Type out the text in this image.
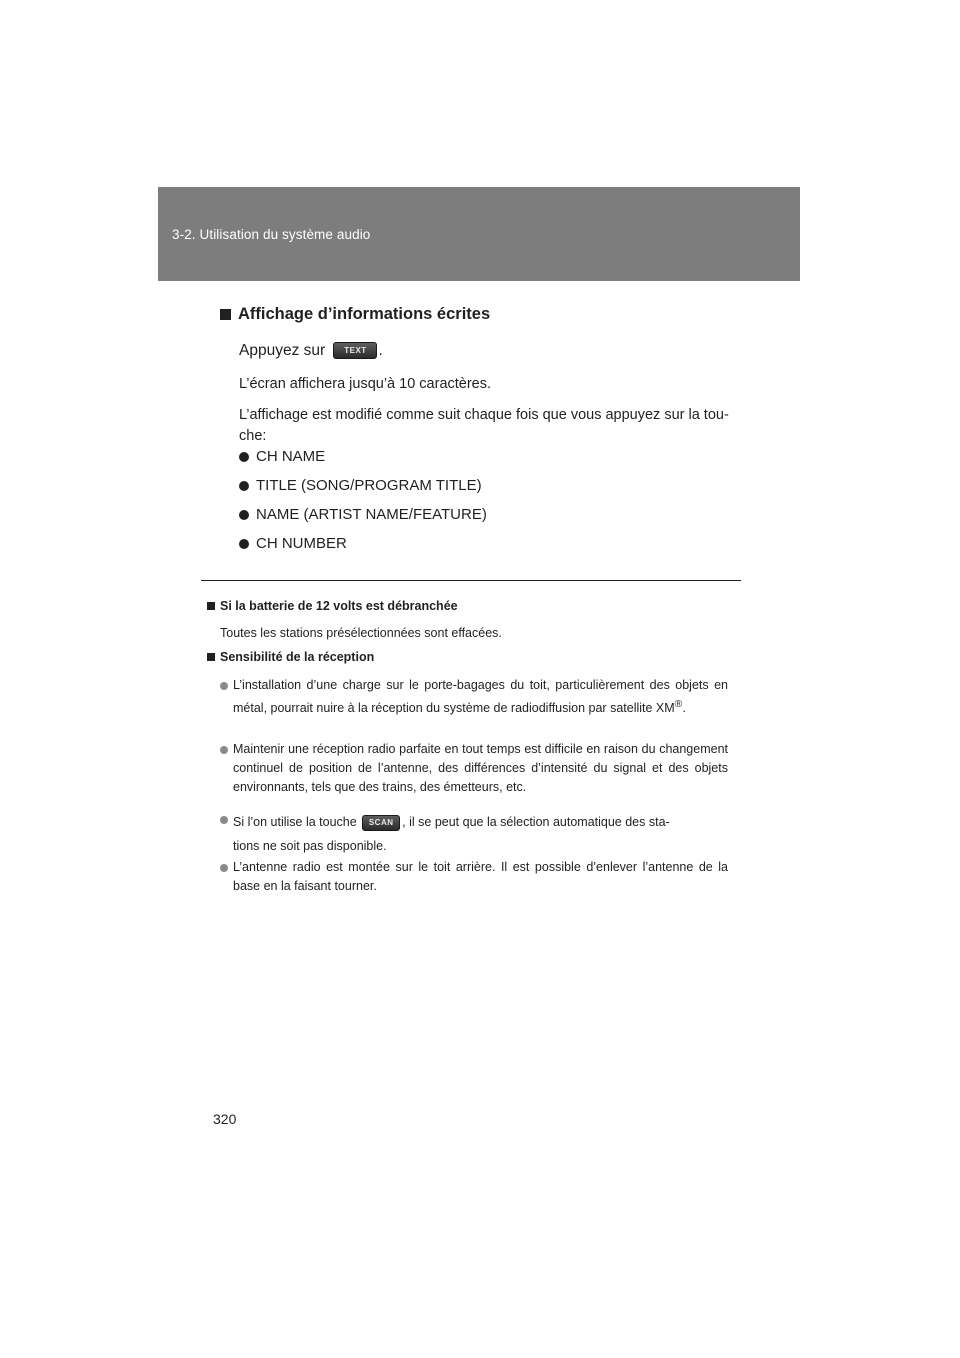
3-2. Utilisation du système audio
Affichage d’informations écrites
Appuyez sur TEXT .
L’écran affichera jusqu’à 10 caractères.
L’affichage est modifié comme suit chaque fois que vous appuyez sur la tou-
che:
CH NAME
TITLE (SONG/PROGRAM TITLE)
NAME (ARTIST NAME/FEATURE)
CH NUMBER
Si la batterie de 12 volts est débranchée
Toutes les stations présélectionnées sont effacées.
Sensibilité de la réception
L’installation d’une charge sur le porte-bagages du toit, particulièrement des objets en métal, pourrait nuire à la réception du système de radiodiffusion par satellite XM®.
Maintenir une réception radio parfaite en tout temps est difficile en raison du changement continuel de position de l’antenne, des différences d’intensité du signal et des objets environnants, tels que des trains, des émetteurs, etc.
Si l’on utilise la touche SCAN , il se peut que la sélection automatique des sta-
tions ne soit pas disponible.
L’antenne radio est montée sur le toit arrière. Il est possible d’enlever l’antenne de la base en la faisant tourner.
320
